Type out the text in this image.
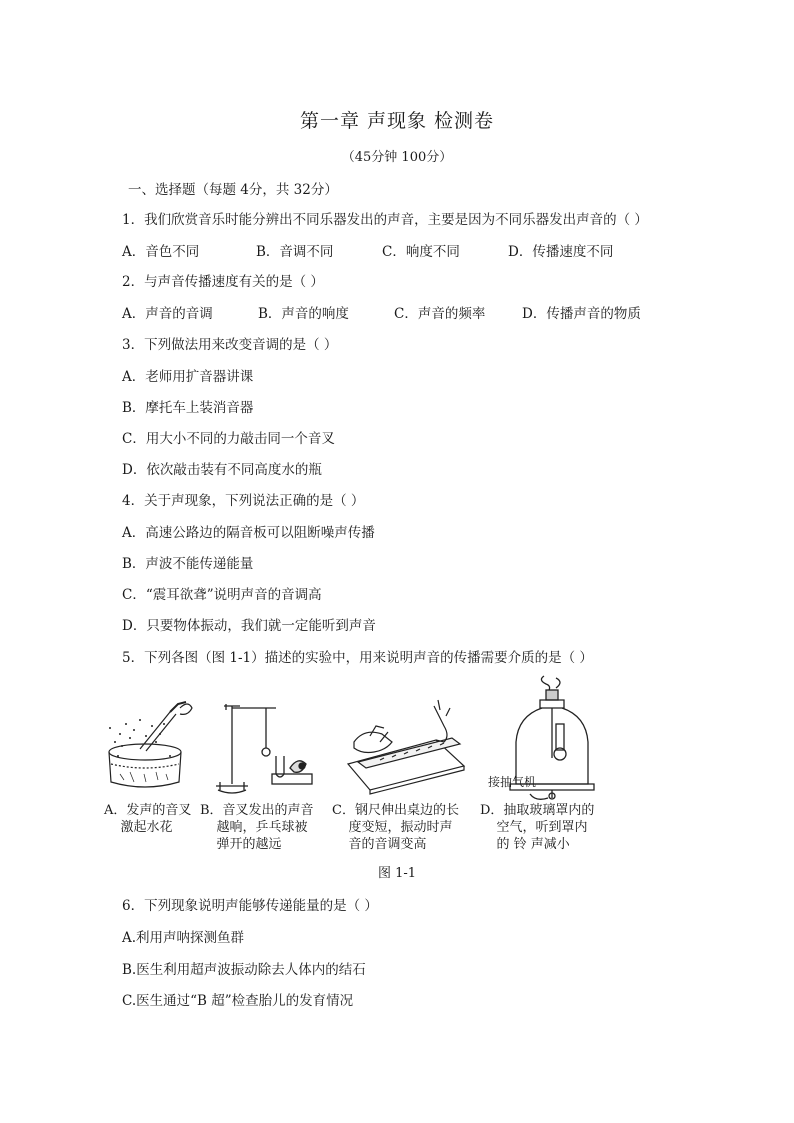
第一章 声现象 检测卷
（45分钟 100分）
一、选择题（每题 4分，共 32分）
1．我们欣赏音乐时能分辨出不同乐器发出的声音，主要是因为不同乐器发出声音的（ ）
A．音色不同	B．音调不同	C．响度不同	D．传播速度不同
2．与声音传播速度有关的是（ ）
A．声音的音调	B．声音的响度	C．声音的频率	D．传播声音的物质
3．下列做法用来改变音调的是（ ）
A．老师用扩音器讲课
B．摩托车上装消音器
C．用大小不同的力敲击同一个音叉
D．依次敲击装有不同高度水的瓶
4．关于声现象，下列说法正确的是（ ）
A．高速公路边的隔音板可以阻断噪声传播
B．声波不能传递能量
C．“震耳欲聋”说明声音的音调高
D．只要物体振动，我们就一定能听到声音
5．下列各图（图 1-1）描述的实验中，用来说明声音的传播需要介质的是（ ）
接抽气机
A．发声的音叉
激起水花
B．音叉发出的声音
越响，乒乓球被
弹开的越远
C．钢尺伸出桌边的长
度变短，振动时声
音的音调变高
D．抽取玻璃罩内的
空气，听到罩内
的 铃 声减小
图 1-1
6．下列现象说明声能够传递能量的是（ ）
A.利用声呐探测鱼群
B.医生利用超声波振动除去人体内的结石
C.医生通过“B 超”检查胎儿的发育情况
